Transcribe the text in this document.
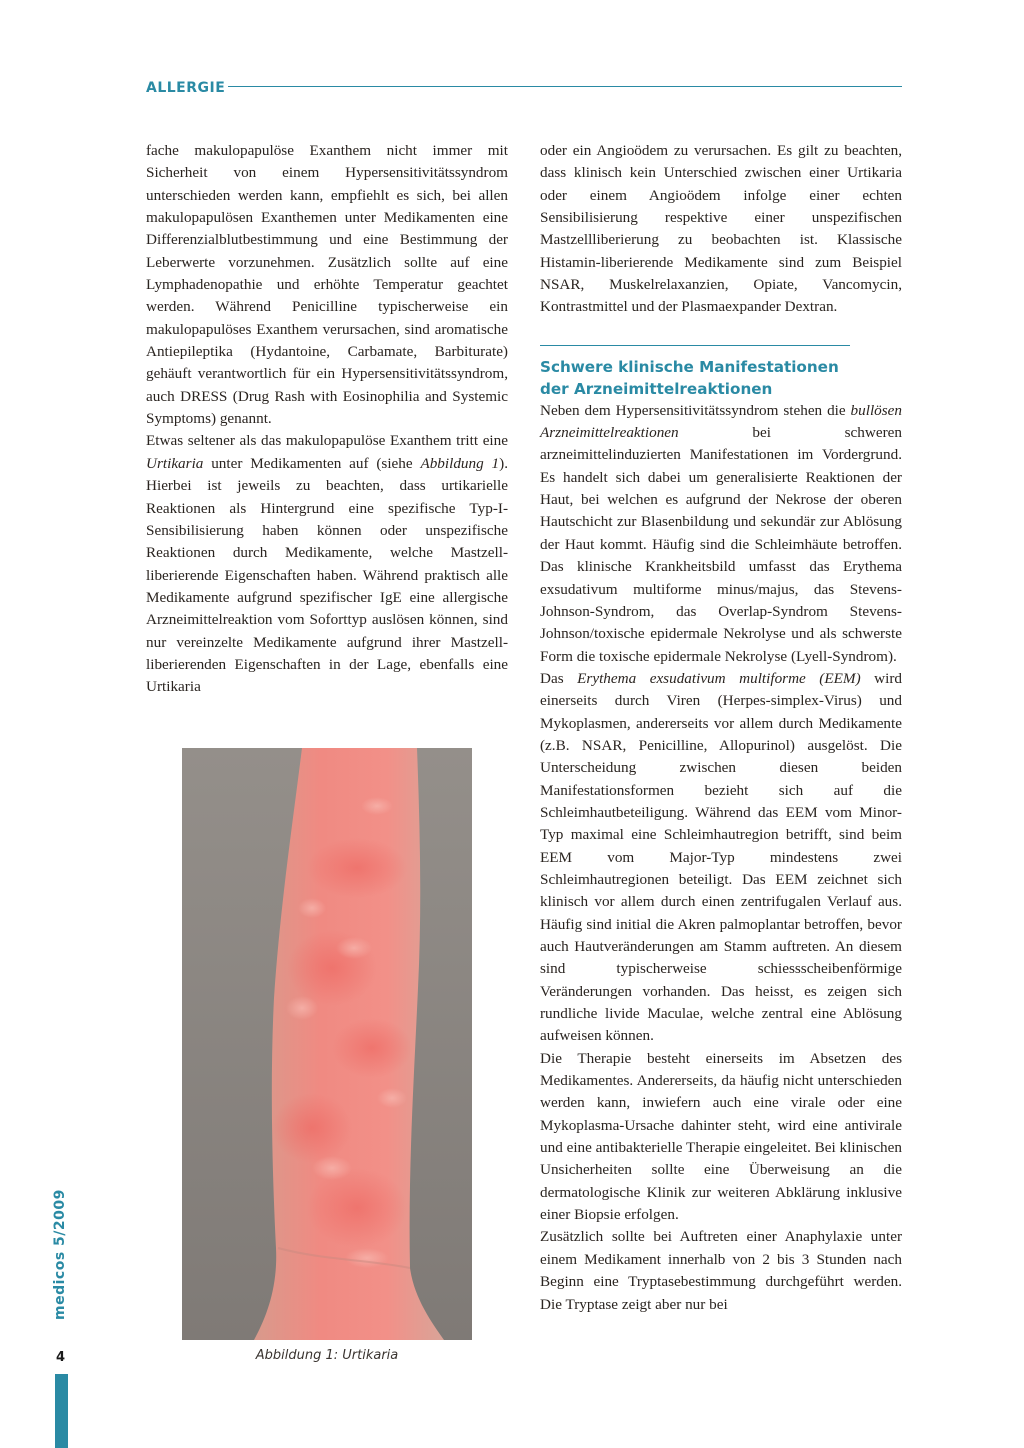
ALLERGIE

fache makulopapulöse Exanthem nicht immer mit Sicherheit von einem Hypersensitivitätssyndrom unterschieden werden kann, empfiehlt es sich, bei allen makulopapulösen Exanthemen unter Medikamenten eine Differenzialblutbestimmung und eine Bestimmung der Leberwerte vorzunehmen. Zusätzlich sollte auf eine Lymphadenopathie und erhöhte Temperatur geachtet werden. Während Penicilline typischerweise ein makulopapulöses Exanthem verursachen, sind aromatische Antiepileptika (Hydantoine, Carbamate, Barbiturate) gehäuft verantwortlich für ein Hypersensitivitätssyndrom, auch DRESS (Drug Rash with Eosinophilia and Systemic Symptoms) genannt.

Etwas seltener als das makulopapulöse Exanthem tritt eine Urtikaria unter Medikamenten auf (siehe Abbildung 1). Hierbei ist jeweils zu beachten, dass urtikarielle Reaktionen als Hintergrund eine spezifische Typ-I-Sensibilisierung haben können oder unspezifische Reaktionen durch Medikamente, welche Mastzell-liberierende Eigenschaften haben. Während praktisch alle Medikamente aufgrund spezifischer IgE eine allergische Arzneimittelreaktion vom Soforttyp auslösen können, sind nur vereinzelte Medikamente aufgrund ihrer Mastzell-liberierenden Eigenschaften in der Lage, ebenfalls eine Urtikaria

oder ein Angioödem zu verursachen. Es gilt zu beachten, dass klinisch kein Unterschied zwischen einer Urtikaria oder einem Angioödem infolge einer echten Sensibilisierung respektive einer unspezifischen Mastzellliberierung zu beobachten ist. Klassische Histamin-liberierende Medikamente sind zum Beispiel NSAR, Muskelrelaxanzien, Opiate, Vancomycin, Kontrastmittel und der Plasmaexpander Dextran.

Schwere klinische Manifestationen
der Arzneimittelreaktionen

Neben dem Hypersensitivitätssyndrom stehen die bullösen Arzneimittelreaktionen bei schweren arzneimittelinduzierten Manifestationen im Vordergrund. Es handelt sich dabei um generalisierte Reaktionen der Haut, bei welchen es aufgrund der Nekrose der oberen Hautschicht zur Blasenbildung und sekundär zur Ablösung der Haut kommt. Häufig sind die Schleimhäute betroffen. Das klinische Krankheitsbild umfasst das Erythema exsudativum multiforme minus/majus, das Stevens-Johnson-Syndrom, das Overlap-Syndrom Stevens-Johnson/toxische epidermale Nekrolyse und als schwerste Form die toxische epidermale Nekrolyse (Lyell-Syndrom).

Das Erythema exsudativum multiforme (EEM) wird einerseits durch Viren (Herpes-simplex-Virus) und Mykoplasmen, andererseits vor allem durch Medikamente (z.B. NSAR, Penicilline, Allopurinol) ausgelöst. Die Unterscheidung zwischen diesen beiden Manifestationsformen bezieht sich auf die Schleimhautbeteiligung. Während das EEM vom Minor-Typ maximal eine Schleimhautregion betrifft, sind beim EEM vom Major-Typ mindestens zwei Schleimhautregionen beteiligt. Das EEM zeichnet sich klinisch vor allem durch einen zentrifugalen Verlauf aus. Häufig sind initial die Akren palmoplantar betroffen, bevor auch Hautveränderungen am Stamm auftreten. An diesem sind typischerweise schiessscheibenförmige Veränderungen vorhanden. Das heisst, es zeigen sich rundliche livide Maculae, welche zentral eine Ablösung aufweisen können.

Die Therapie besteht einerseits im Absetzen des Medikamentes. Andererseits, da häufig nicht unterschieden werden kann, inwiefern auch eine virale oder eine Mykoplasma-Ursache dahinter steht, wird eine antivirale und eine antibakterielle Therapie eingeleitet. Bei klinischen Unsicherheiten sollte eine Überweisung an die dermatologische Klinik zur weiteren Abklärung inklusive einer Biopsie erfolgen.

Zusätzlich sollte bei Auftreten einer Anaphylaxie unter einem Medikament innerhalb von 2 bis 3 Stunden nach Beginn eine Tryptasebestimmung durchgeführt werden. Die Tryptase zeigt aber nur bei

Abbildung 1: Urtikaria
medicos 5/2009
4
